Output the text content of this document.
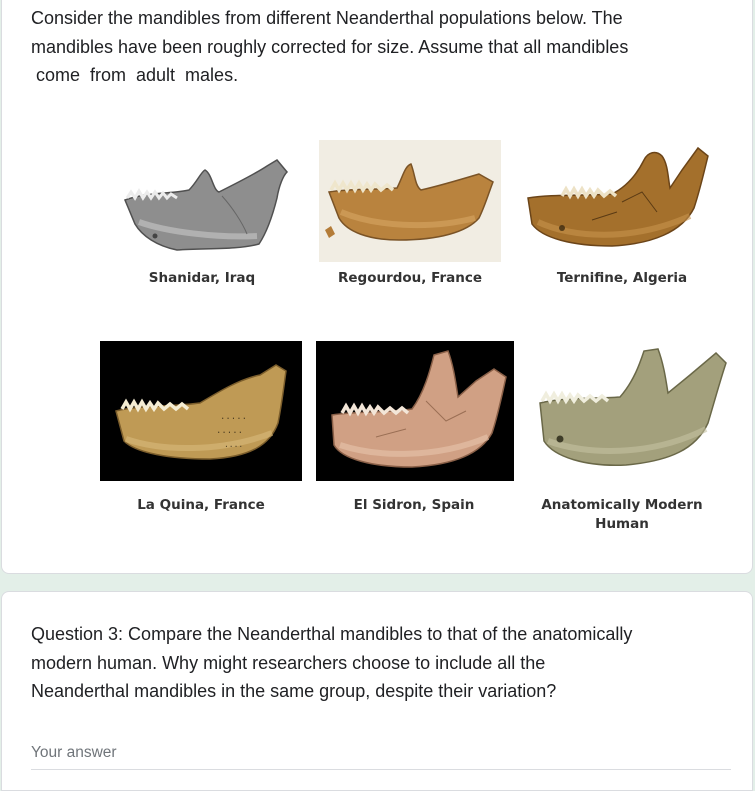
Consider the mandibles from different Neanderthal populations below. The
mandibles have been roughly corrected for size. Assume that all mandibles
come  from  adult  males.

Shanidar, Iraq	Regourdou, France	Ternifine, Algeria
.....
.....
....
La Quina, France	El Sidron, Spain	Anatomically Modern
Human

Question 3: Compare the Neanderthal mandibles to that of the anatomically
modern human. Why might researchers choose to include all the
Neanderthal mandibles in the same group, despite their variation?

Your answer
